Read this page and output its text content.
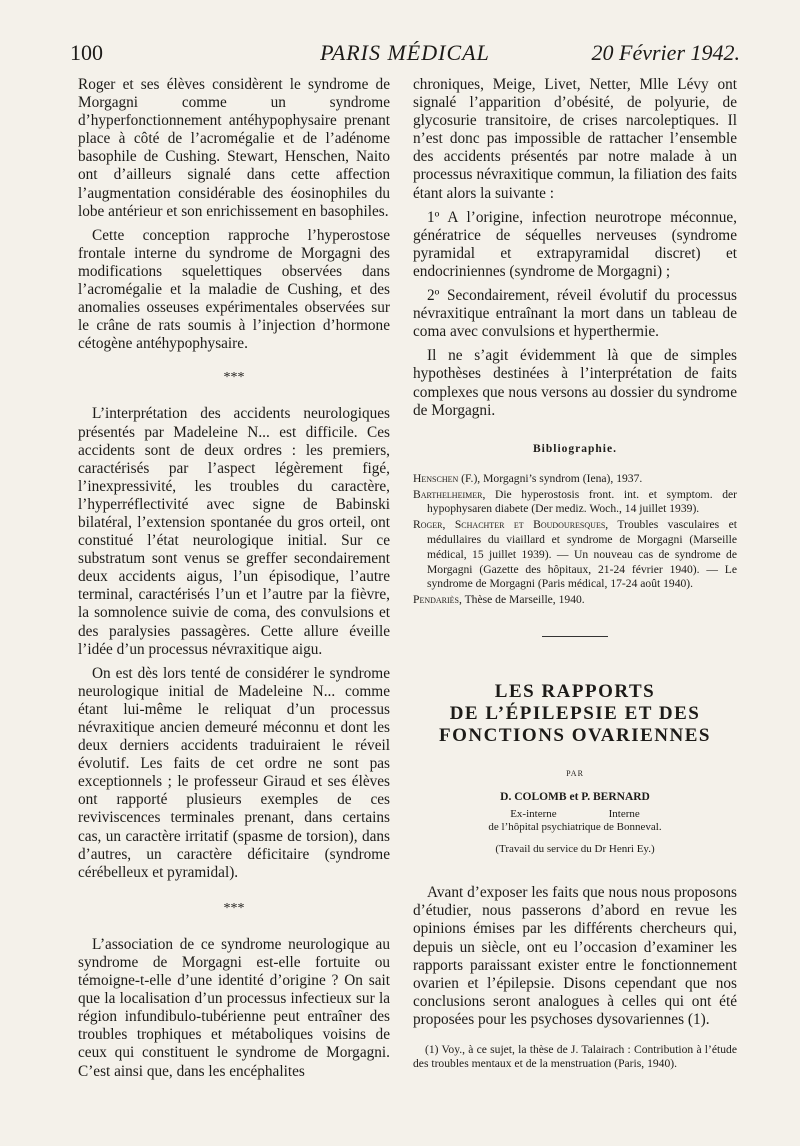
100	PARIS MÉDICAL	20 Février 1942.

Roger et ses élèves considèrent le syndrome de Morgagni comme un syndrome d’hyperfonctionnement antéhypophysaire prenant place à côté de l’acromégalie et de l’adénome basophile de Cushing. Stewart, Henschen, Naito ont d’ailleurs signalé dans cette affection l’augmentation considérable des éosinophiles du lobe antérieur et son enrichissement en basophiles.

Cette conception rapproche l’hyperostose frontale interne du syndrome de Morgagni des modifications squelettiques observées dans l’acromégalie et la maladie de Cushing, et des anomalies osseuses expérimentales observées sur le crâne de rats soumis à l’injection d’hormone cétogène antéhypophysaire.

***

L’interprétation des accidents neurologiques présentés par Madeleine N... est difficile. Ces accidents sont de deux ordres : les premiers, caractérisés par l’aspect légèrement figé, l’inexpressivité, les troubles du caractère, l’hyperréflectivité avec signe de Babinski bilatéral, l’extension spontanée du gros orteil, ont constitué l’état neurologique initial. Sur ce substratum sont venus se greffer secondairement deux accidents aigus, l’un épisodique, l’autre terminal, caractérisés l’un et l’autre par la fièvre, la somnolence suivie de coma, des convulsions et des paralysies passagères. Cette allure éveille l’idée d’un processus névraxitique aigu.

On est dès lors tenté de considérer le syndrome neurologique initial de Madeleine N... comme étant lui-même le reliquat d’un processus névraxitique ancien demeuré méconnu et dont les deux derniers accidents traduiraient le réveil évolutif. Les faits de cet ordre ne sont pas exceptionnels ; le professeur Giraud et ses élèves ont rapporté plusieurs exemples de ces reviviscences terminales prenant, dans certains cas, un caractère irritatif (spasme de torsion), dans d’autres, un caractère déficitaire (syndrome cérébelleux et pyramidal).

***

L’association de ce syndrome neurologique au syndrome de Morgagni est-elle fortuite ou témoigne-t-elle d’une identité d’origine ? On sait que la localisation d’un processus infectieux sur la région infundibulo-tubérienne peut entraîner des troubles trophiques et métaboliques voisins de ceux qui constituent le syndrome de Morgagni. C’est ainsi que, dans les encéphalites

chroniques, Meige, Livet, Netter, Mlle Lévy ont signalé l’apparition d’obésité, de polyurie, de glycosurie transitoire, de crises narcoleptiques. Il n’est donc pas impossible de rattacher l’ensemble des accidents présentés par notre malade à un processus névraxitique commun, la filiation des faits étant alors la suivante :

1º A l’origine, infection neurotrope méconnue, génératrice de séquelles nerveuses (syndrome pyramidal et extrapyramidal discret) et endocriniennes (syndrome de Morgagni) ;

2º Secondairement, réveil évolutif du processus névraxitique entraînant la mort dans un tableau de coma avec convulsions et hyperthermie.

Il ne s’agit évidemment là que de simples hypothèses destinées à l’interprétation de faits complexes que nous versons au dossier du syndrome de Morgagni.

Bibliographie.
Henschen (F.), Morgagni’s syndrom (Iena), 1937.
Barthelheimer, Die hyperostosis front. int. et symptom. der hypophysaren diabete (Der mediz. Woch., 14 juillet 1939).
Roger, Schachter et Boudouresques, Troubles vasculaires et médullaires du viaillard et syndrome de Morgagni (Marseille médical, 15 juillet 1939). — Un nouveau cas de syndrome de Morgagni (Gazette des hôpitaux, 21-24 février 1940). — Le syndrome de Morgagni (Paris médical, 17-24 août 1940).
Pendariès, Thèse de Marseille, 1940.
LES RAPPORTS
DE L’ÉPILEPSIE ET DES
FONCTIONS OVARIENNES
PAR
D. COLOMB et P. BERNARD
Ex-interne	Interne
de l’hôpital psychiatrique de Bonneval.
(Travail du service du Dr Henri Ey.)

Avant d’exposer les faits que nous nous proposons d’étudier, nous passerons d’abord en revue les opinions émises par les différents chercheurs qui, depuis un siècle, ont eu l’occasion d’examiner les rapports paraissant exister entre le fonctionnement ovarien et l’épilepsie. Disons cependant que nos conclusions seront analogues à celles qui ont été proposées pour les psychoses dysovariennes (1).

(1) Voy., à ce sujet, la thèse de J. Talairach : Contribution à l’étude des troubles mentaux et de la menstruation (Paris, 1940).
